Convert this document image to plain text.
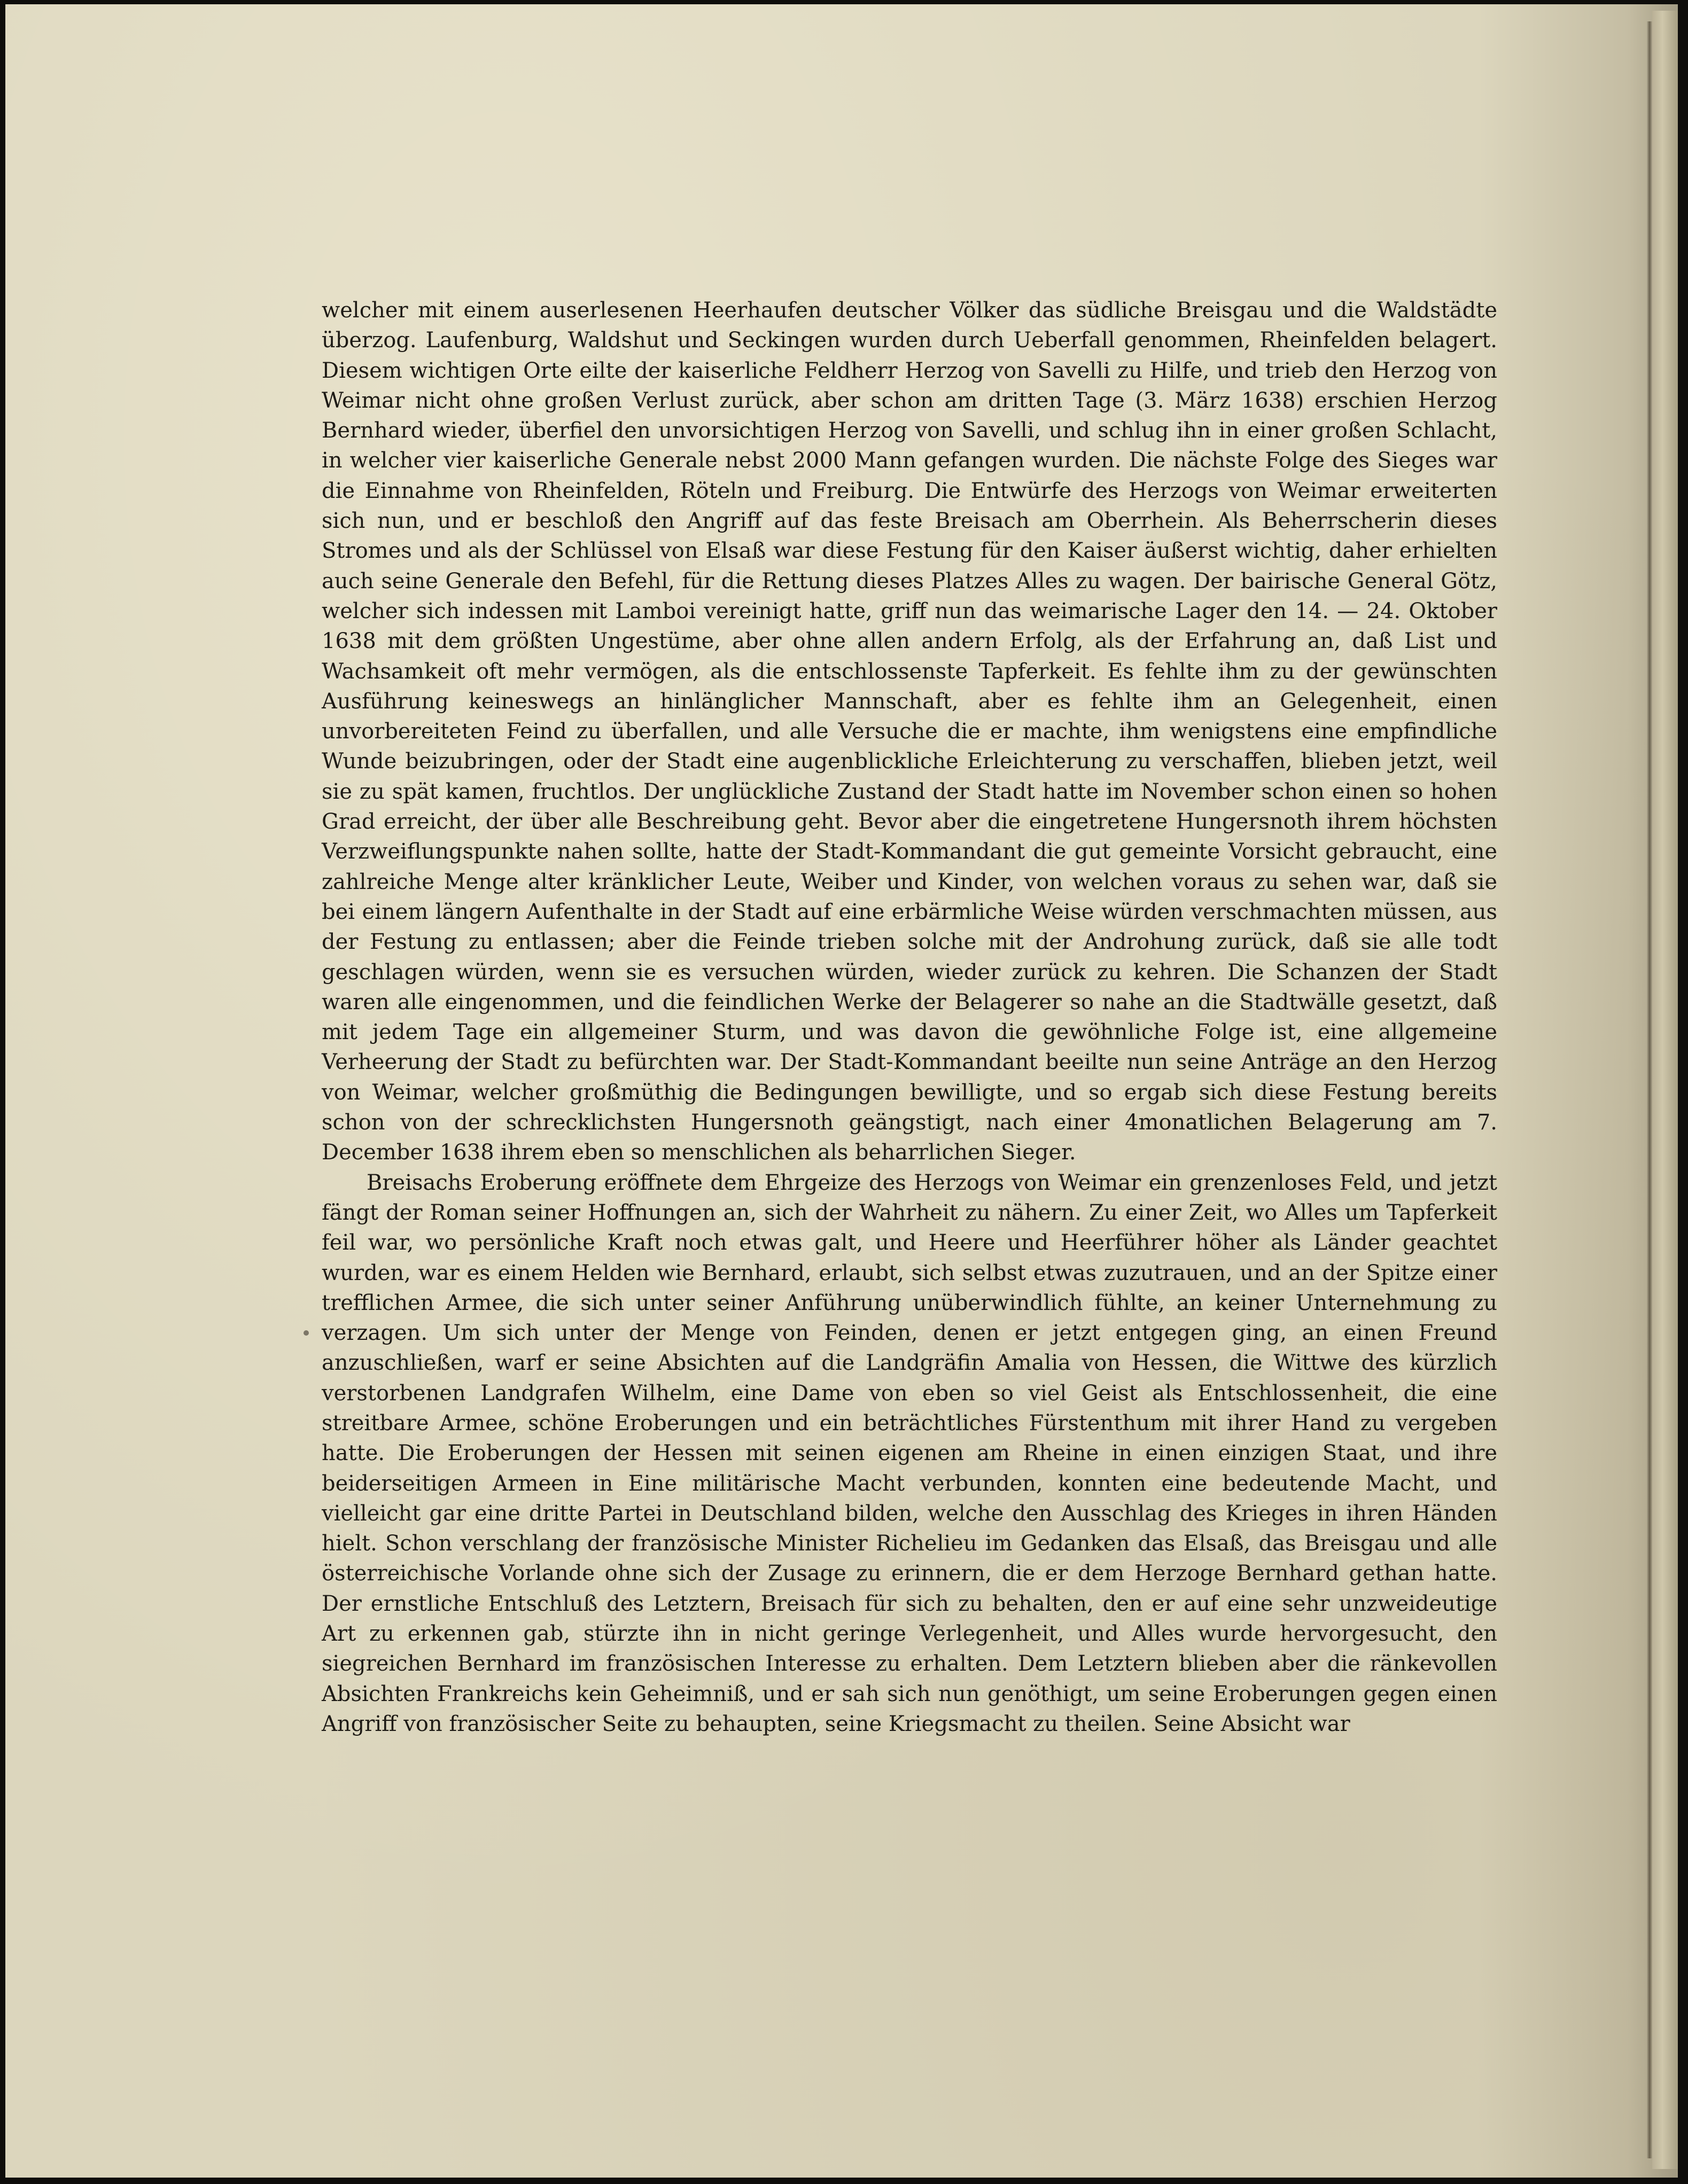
welcher mit einem auserlesenen Heerhaufen deutscher Völker das südliche Breisgau und die Waldstädte überzog. Laufenburg, Waldshut und Seckingen wurden durch Ueberfall genommen, Rheinfelden belagert. Diesem wichtigen Orte eilte der kaiserliche Feldherr Herzog von Savelli zu Hilfe, und trieb den Herzog von Weimar nicht ohne großen Verlust zurück, aber schon am dritten Tage (3. März 1638) erschien Herzog Bernhard wieder, überfiel den unvorsichtigen Herzog von Savelli, und schlug ihn in einer großen Schlacht, in welcher vier kaiserliche Generale nebst 2000 Mann gefangen wurden. Die nächste Folge des Sieges war die Einnahme von Rheinfelden, Röteln und Freiburg. Die Entwürfe des Herzogs von Weimar erweiterten sich nun, und er beschloß den Angriff auf das feste Breisach am Oberrhein. Als Beherrscherin dieses Stromes und als der Schlüssel von Elsaß war diese Festung für den Kaiser äußerst wichtig, daher erhielten auch seine Generale den Befehl, für die Rettung dieses Platzes Alles zu wagen. Der bairische General Götz, welcher sich indessen mit Lamboi vereinigt hatte, griff nun das weimarische Lager den 14. — 24. Oktober 1638 mit dem größten Ungestüme, aber ohne allen andern Erfolg, als der Erfahrung an, daß List und Wachsamkeit oft mehr vermögen, als die entschlossenste Tapferkeit. Es fehlte ihm zu der gewünschten Ausführung keineswegs an hinlänglicher Mannschaft, aber es fehlte ihm an Gelegenheit, einen unvorbereiteten Feind zu überfallen, und alle Versuche die er machte, ihm wenigstens eine empfindliche Wunde beizubringen, oder der Stadt eine augenblickliche Erleichterung zu verschaffen, blieben jetzt, weil sie zu spät kamen, fruchtlos. Der unglückliche Zustand der Stadt hatte im November schon einen so hohen Grad erreicht, der über alle Beschreibung geht. Bevor aber die eingetretene Hungersnoth ihrem höchsten Verzweiflungspunkte nahen sollte, hatte der Stadt-Kommandant die gut gemeinte Vorsicht gebraucht, eine zahlreiche Menge alter kränklicher Leute, Weiber und Kinder, von welchen voraus zu sehen war, daß sie bei einem längern Aufenthalte in der Stadt auf eine erbärmliche Weise würden verschmachten müssen, aus der Festung zu entlassen; aber die Feinde trieben solche mit der Androhung zurück, daß sie alle todt geschlagen würden, wenn sie es versuchen würden, wieder zurück zu kehren. Die Schanzen der Stadt waren alle eingenommen, und die feindlichen Werke der Belagerer so nahe an die Stadtwälle gesetzt, daß mit jedem Tage ein allgemeiner Sturm, und was davon die gewöhnliche Folge ist, eine allgemeine Verheerung der Stadt zu befürchten war. Der Stadt-Kommandant beeilte nun seine Anträge an den Herzog von Weimar, welcher großmüthig die Bedingungen bewilligte, und so ergab sich diese Festung bereits schon von der schrecklichsten Hungersnoth geängstigt, nach einer 4monatlichen Belagerung am 7. December 1638 ihrem eben so menschlichen als beharrlichen Sieger.

Breisachs Eroberung eröffnete dem Ehrgeize des Herzogs von Weimar ein grenzenloses Feld, und jetzt fängt der Roman seiner Hoffnungen an, sich der Wahrheit zu nähern. Zu einer Zeit, wo Alles um Tapferkeit feil war, wo persönliche Kraft noch etwas galt, und Heere und Heerführer höher als Länder geachtet wurden, war es einem Helden wie Bernhard, erlaubt, sich selbst etwas zuzutrauen, und an der Spitze einer trefflichen Armee, die sich unter seiner Anführung unüberwindlich fühlte, an keiner Unternehmung zu verzagen. Um sich unter der Menge von Feinden, denen er jetzt entgegen ging, an einen Freund anzuschließen, warf er seine Absichten auf die Landgräfin Amalia von Hessen, die Wittwe des kürzlich verstorbenen Landgrafen Wilhelm, eine Dame von eben so viel Geist als Entschlossenheit, die eine streitbare Armee, schöne Eroberungen und ein beträchtliches Fürstenthum mit ihrer Hand zu vergeben hatte. Die Eroberungen der Hessen mit seinen eigenen am Rheine in einen einzigen Staat, und ihre beiderseitigen Armeen in Eine militärische Macht verbunden, konnten eine bedeutende Macht, und vielleicht gar eine dritte Partei in Deutschland bilden, welche den Ausschlag des Krieges in ihren Händen hielt. Schon verschlang der französische Minister Richelieu im Gedanken das Elsaß, das Breisgau und alle österreichische Vorlande ohne sich der Zusage zu erinnern, die er dem Herzoge Bernhard gethan hatte. Der ernstliche Entschluß des Letztern, Breisach für sich zu behalten, den er auf eine sehr unzweideutige Art zu erkennen gab, stürzte ihn in nicht geringe Verlegenheit, und Alles wurde hervorgesucht, den siegreichen Bernhard im französischen Interesse zu erhalten. Dem Letztern blieben aber die ränkevollen Absichten Frankreichs kein Geheimniß, und er sah sich nun genöthigt, um seine Eroberungen gegen einen Angriff von französischer Seite zu behaupten, seine Kriegsmacht zu theilen. Seine Absicht war
